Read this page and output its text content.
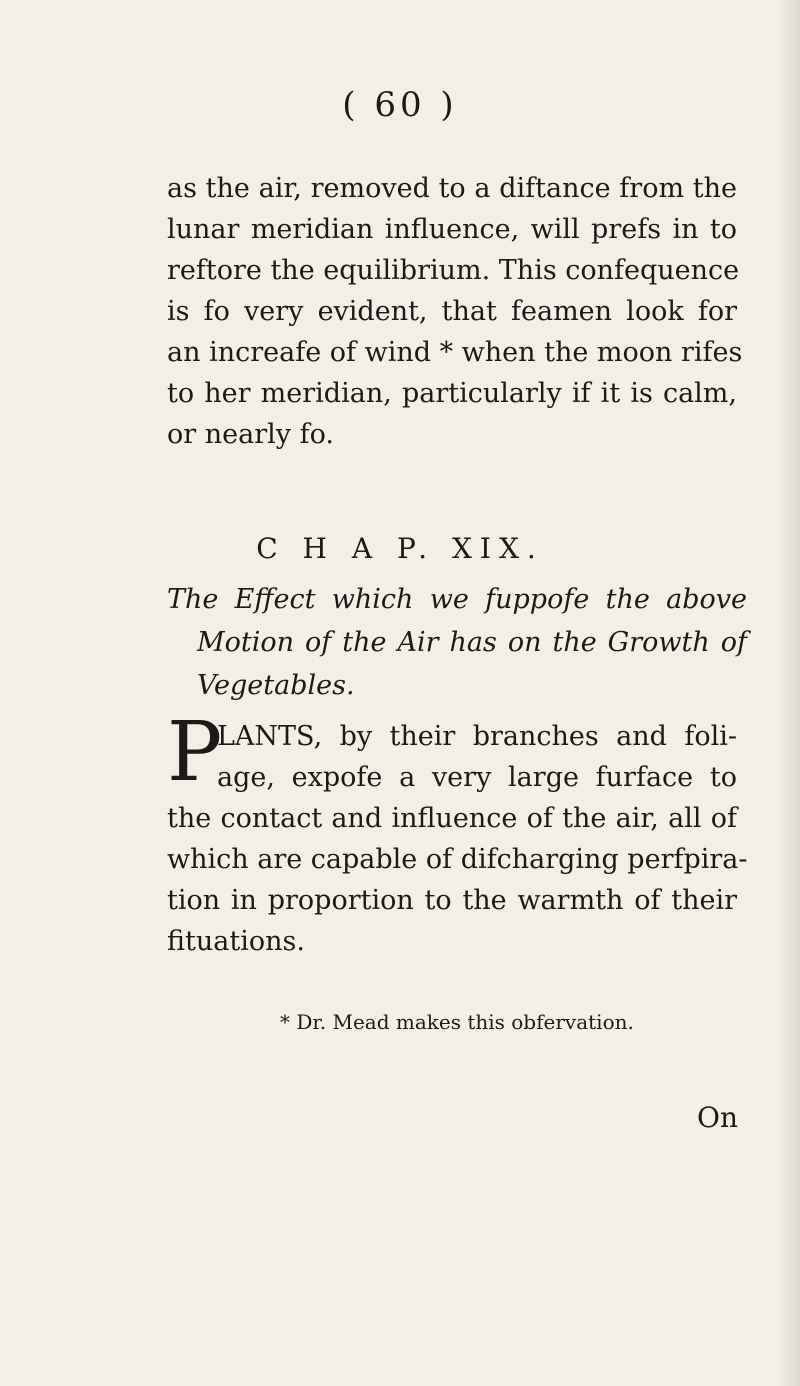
( 60 )
as the air, removed to a diftance from the
lunar meridian influence, will prefs in to
reftore the equilibrium. This confequence
is fo very evident, that feamen look for
an increafe of wind * when the moon rifes
to her meridian, particularly if it is calm,
or nearly fo.
C H A P. XIX.
The Effect which we fuppofe the above
Motion of the Air has on the Growth of
Vegetables.
P
LANTS, by their branches and foli-
age, expofe a very large furface to
the contact and influence of the air, all of
which are capable of difcharging perfpira-
tion in proportion to the warmth of their
fituations.
* Dr. Mead makes this obfervation.
On
